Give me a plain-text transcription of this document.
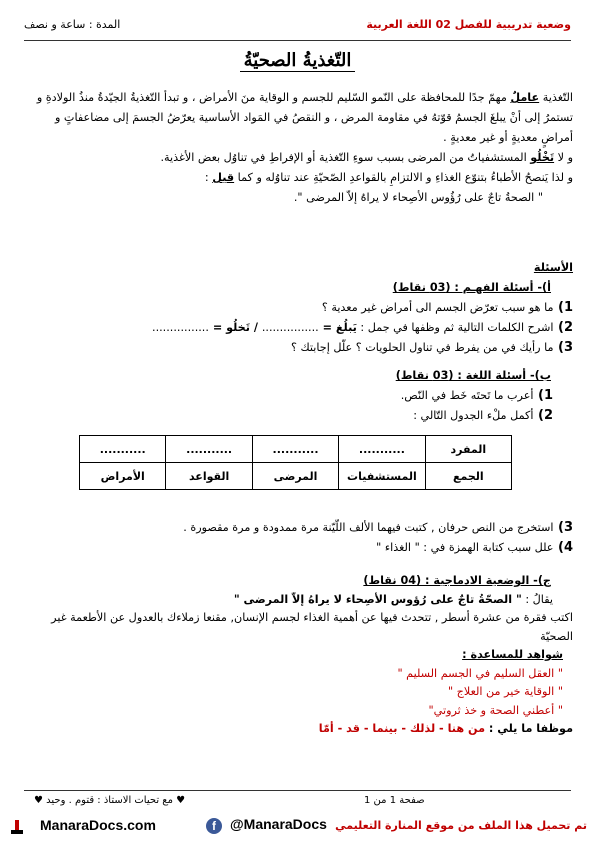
وضعية تدريبية للفصل 02 اللغة العربية
المدة : ساعة و نصف
التّغذيةُ الصحيّةُ

التّغذية عاملٌ مهمّ جدًا للمحافظة على النّمو السّليم للجسم و الوقاية منَ الأمراض ، و تبدأ التّغذيةُ الجيّدةُ منذُ الولادةِ و تستمرُ إلى أنْ يبلغَ الجسمُ قوّتهُ في مقاومة المرض ، و النقصُ في المَواد الأساسية يعرّضُ الجسمَ إلى مضاعفاتٍ و أمراضٍ معديةٍ أو غير معديةٍ .

و لا تَخْلُو المستشفياتُ من المرضى بسبب سوءِ التّغذية أو الإفراطِ في تناوُل بعض الأغذية.

و لذا يَنصحُ الأطباءُ بتنوّع الغذاءِ و الالتزامِ بالقواعدِ الصّحيّةِ عند تناوُله و كما قيل :

" الصحةُ تاجٌ على رُؤُوس الأصِحاء لا يراهُ إلاّ المرضى ".

الأسئلة
أ)- أسئلة الفهـم : (03 نقاط)
1) ما هو سبب تعرّض الجسم الى أمراض غير معدية ؟
2) اشرح الكلمات التالية ثم وظفها في جمل : يَبلُغ = ................ / تَخلُو = ................
3) ما رأيك في من يفرط في تناول الحلويات ؟ علّل إجابتك ؟
ب)- أسئلة اللغة : (03 نقاط)
1) أعرب ما تَحتَه خَط في النّص.
2) أكمل ملْء الجدول التّالي :
المفرد	...........	...........	...........	...........
الجمع	المستشفيات	المرضى	القواعد	الأمراض
3) استخرج من النص حرفان , كتبت فيهما الألف اللّيّنة مرة ممدودة و مرة مقصورة .
4) علل سبب كتابة الهمزة في : " الغذاء "
ج)- الوضعية الادماجية : (04 نقاط)
يقالُ : " الصحّةُ تاجٌ على رُؤوس الأصِحاء لا يراهُ إلاّ المرضى "
اكتب فقرة من عشرة أسطر , تتحدث فيها عن أهمية الغذاء لجسم الإنسان, مقنعا زملاءك بالعدول عن الأطعمة غير الصحيّة
شواهد للمساعدة :
" العقل السليم في الجسم السليم "
" الوقاية خير من العلاج "
" أعطني الصحة و خذ ثروتي"
موظفا ما يلي : من هنا - لذلك - بينما - قد - أمّا
صفحة 1 من 1
♥ مع تحيات الاستاذ : قتوم . وحيد ♥
ManaraDocs.com	f	@ManaraDocs تم تحميل هذا الملف من موقع المنارة التعليمي
